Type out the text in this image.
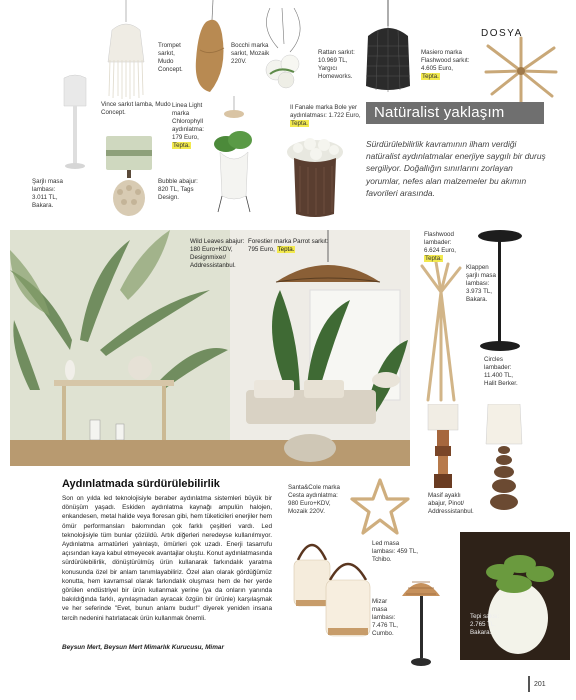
DOSYA
Vince sarkıt lamba, Mudo Concept.
Trompet sarkıt, Mudo Concept.
Bocchi marka sarkıt, Mozaik 220V.
Rattan sarkıt: 10.969 TL, Yargıcı Homeworks.
Masiero marka Flashwood sarkıt: 4.605 Euro, Tepta.
Şarjlı masa lambası: 3.011 TL, Bakara.
Linea Light marka Chlorophyll aydınlatma: 179 Euro, Tepta.
Bubble abajur: 820 TL, Tags Design.
Il Fanale marka Bole yer aydınlatması: 1.722 Euro, Tepta.
Natüralist yaklaşım
Sürdürülebilirlik kavramının ilham verdiği natüralist aydınlatmalar enerjiye saygılı bir duruş sergiliyor. Doğallığın sınırlarını zorlayan yorumlar, nefes alan malzemeler bu akımın favorileri arasında.
Wild Leaves abajur: 180 Euro+KDV, Designmixer/ Addressistanbul.
Forestier marka Parrot sarkıt: 795 Euro, Tepta.
Flashwood lambader: 6.624 Euro, Tepta.
Klappen şarjlı masa lambası: 3.973 TL, Bakara.
Circles lambader: 11.400 TL, Halit Berker.
Masif ayaklı abajur, Pinot/ Addressistanbul.
Aydınlatmada sürdürülebilirlik
Son on yılda led teknolojisiyle beraber aydınlatma sistemleri büyük bir dönüşüm yaşadı. Eskiden aydınlatma kaynağı ampulün halojen, enkandesen, metal halide veya floresan gibi, hem tüketicileri enerjiler hem ömür performansları bakımından çok farklı çeşitleri vardı. Led teknolojisiyle tüm bunlar çözüldü. Artık diğerleri neredeyse kullanılmıyor. Aydınlatma armatürleri yalınlaştı, ömürleri çok uzadı. Enerji tasarrufu açısından kaya kabul etmeyecek avantajlar oluştu. Konut aydınlatmasında sürdürülebilirlik, dönüştürülmüş ürün kullanarak farkındalık yaratma konusunda özel bir anlam tanımlayabiliriz. Özel alan olarak gördüğümüz konutta, hem kavramsal olarak farkındalık oluşması hem de her yerde görülen endüstriyel bir ürün kullanmak yerine (ya da onların yanında bakıldığında farklı, aynılaşmadan ayracak özgün bir ürünle) karşılaşmak ve her seferinde "Evet, bunun anlamı budur!" diyerek yeniden insana tercih nedenini hatırlatacak ürün kullanmak önemli.
Beysun Mert, Beysun Mert Mimarlık Kurucusu, Mimar
Santa&Cole marka Cesta aydınlatma: 980 Euro+KDV, Mozaik 220V.
Led masa lambası: 459 TL, Tchibo.
Mizar masa lambası: 7.476 TL, Cumbo.
Tepi saksı: 2.765 TL, Bakara.
201
